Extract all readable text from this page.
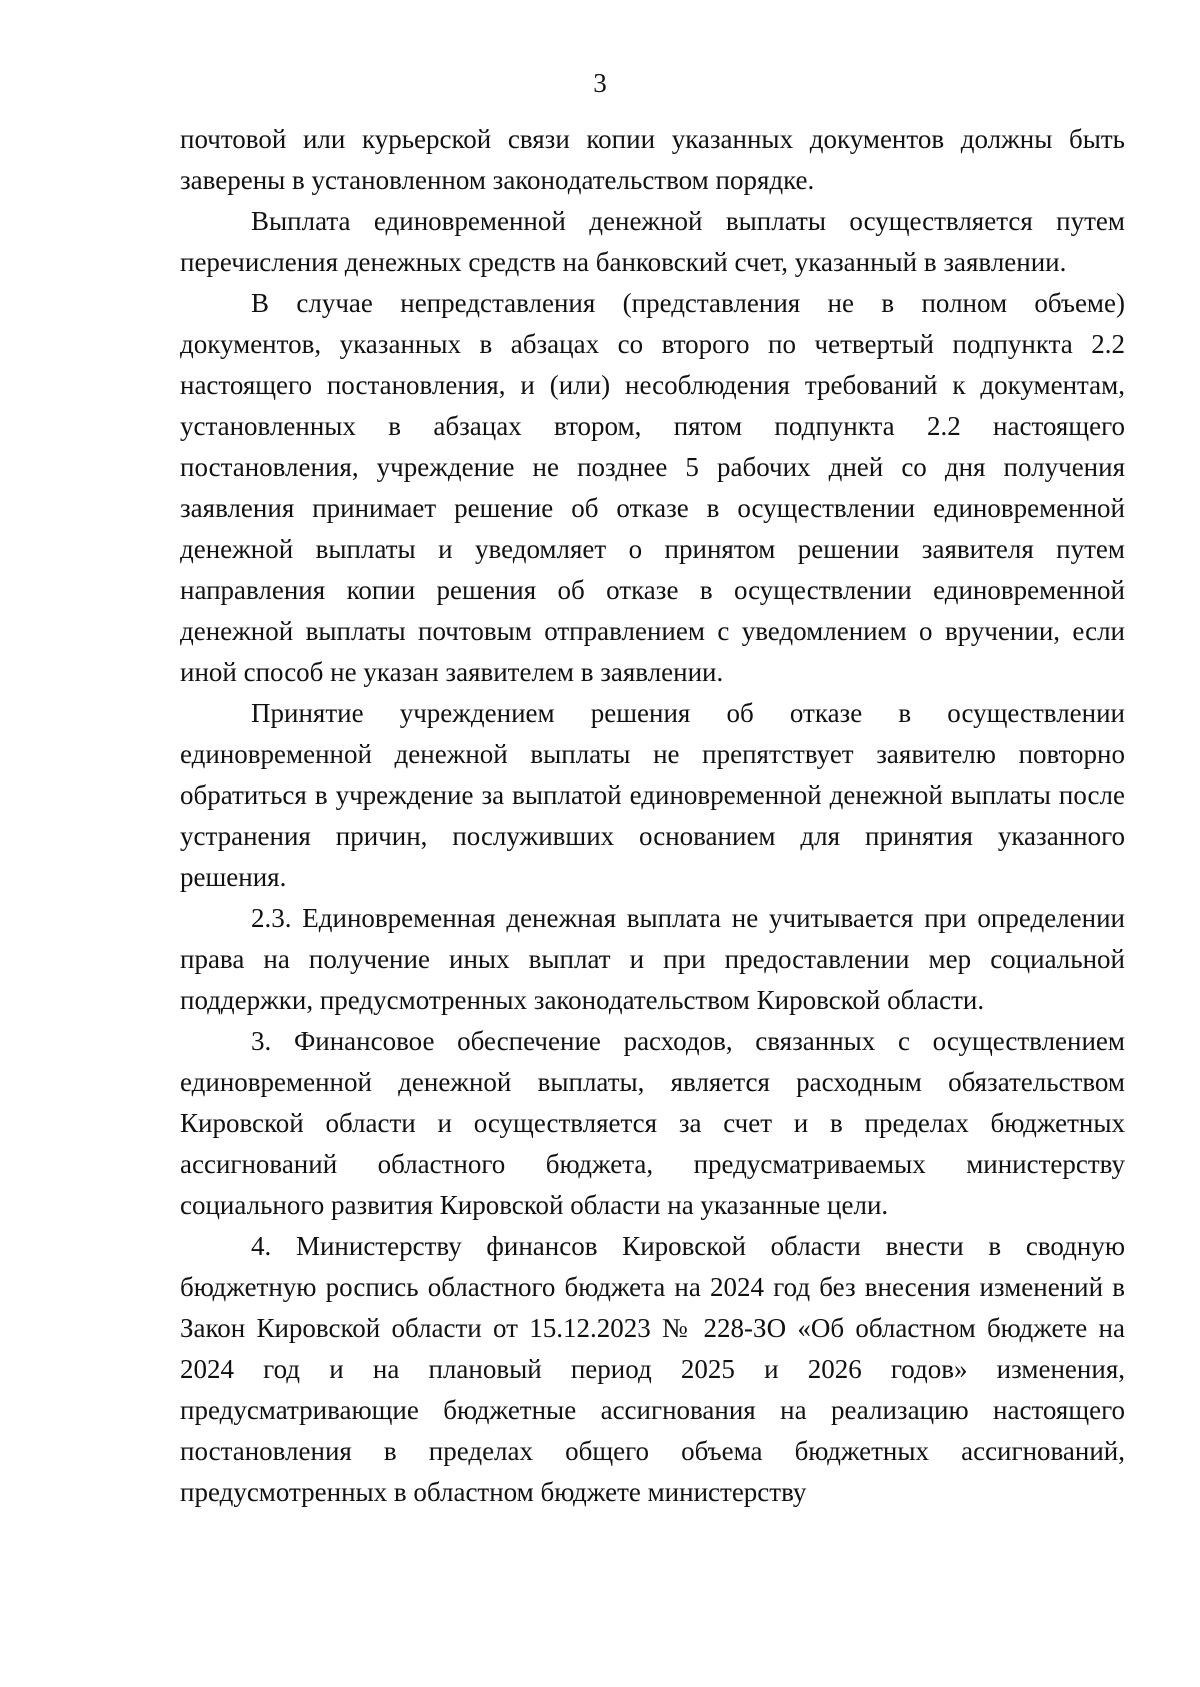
3

почтовой или курьерской связи копии указанных документов должны быть заверены в установленном законодательством порядке.

Выплата единовременной денежной выплаты осуществляется путем перечисления денежных средств на банковский счет, указанный в заявлении.

В случае непредставления (представления не в полном объеме) документов, указанных в абзацах со второго по четвертый подпункта 2.2 настоящего постановления, и (или) несоблюдения требований к документам, установленных в абзацах втором, пятом подпункта 2.2 настоящего постановления, учреждение не позднее 5 рабочих дней со дня получения заявления принимает решение об отказе в осуществлении единовременной денежной выплаты и уведомляет о принятом решении заявителя путем направления копии решения об отказе в осуществлении единовременной денежной выплаты почтовым отправлением с уведомлением о вручении, если иной способ не указан заявителем в заявлении.

Принятие учреждением решения об отказе в осуществлении единовременной денежной выплаты не препятствует заявителю повторно обратиться в учреждение за выплатой единовременной денежной выплаты после устранения причин, послуживших основанием для принятия указанного решения.

2.3. Единовременная денежная выплата не учитывается при определении права на получение иных выплат и при предоставлении мер социальной поддержки, предусмотренных законодательством Кировской области.

3. Финансовое обеспечение расходов, связанных с осуществлением единовременной денежной выплаты, является расходным обязательством Кировской области и осуществляется за счет и в пределах бюджетных ассигнований областного бюджета, предусматриваемых министерству социального развития Кировской области на указанные цели.

4. Министерству финансов Кировской области внести в сводную бюджетную роспись областного бюджета на 2024 год без внесения изменений в Закон Кировской области от 15.12.2023 № 228-ЗО «Об областном бюджете на 2024 год и на плановый период 2025 и 2026 годов» изменения, предусматривающие бюджетные ассигнования на реализацию настоящего постановления в пределах общего объема бюджетных ассигнований, предусмотренных в областном бюджете министерству
